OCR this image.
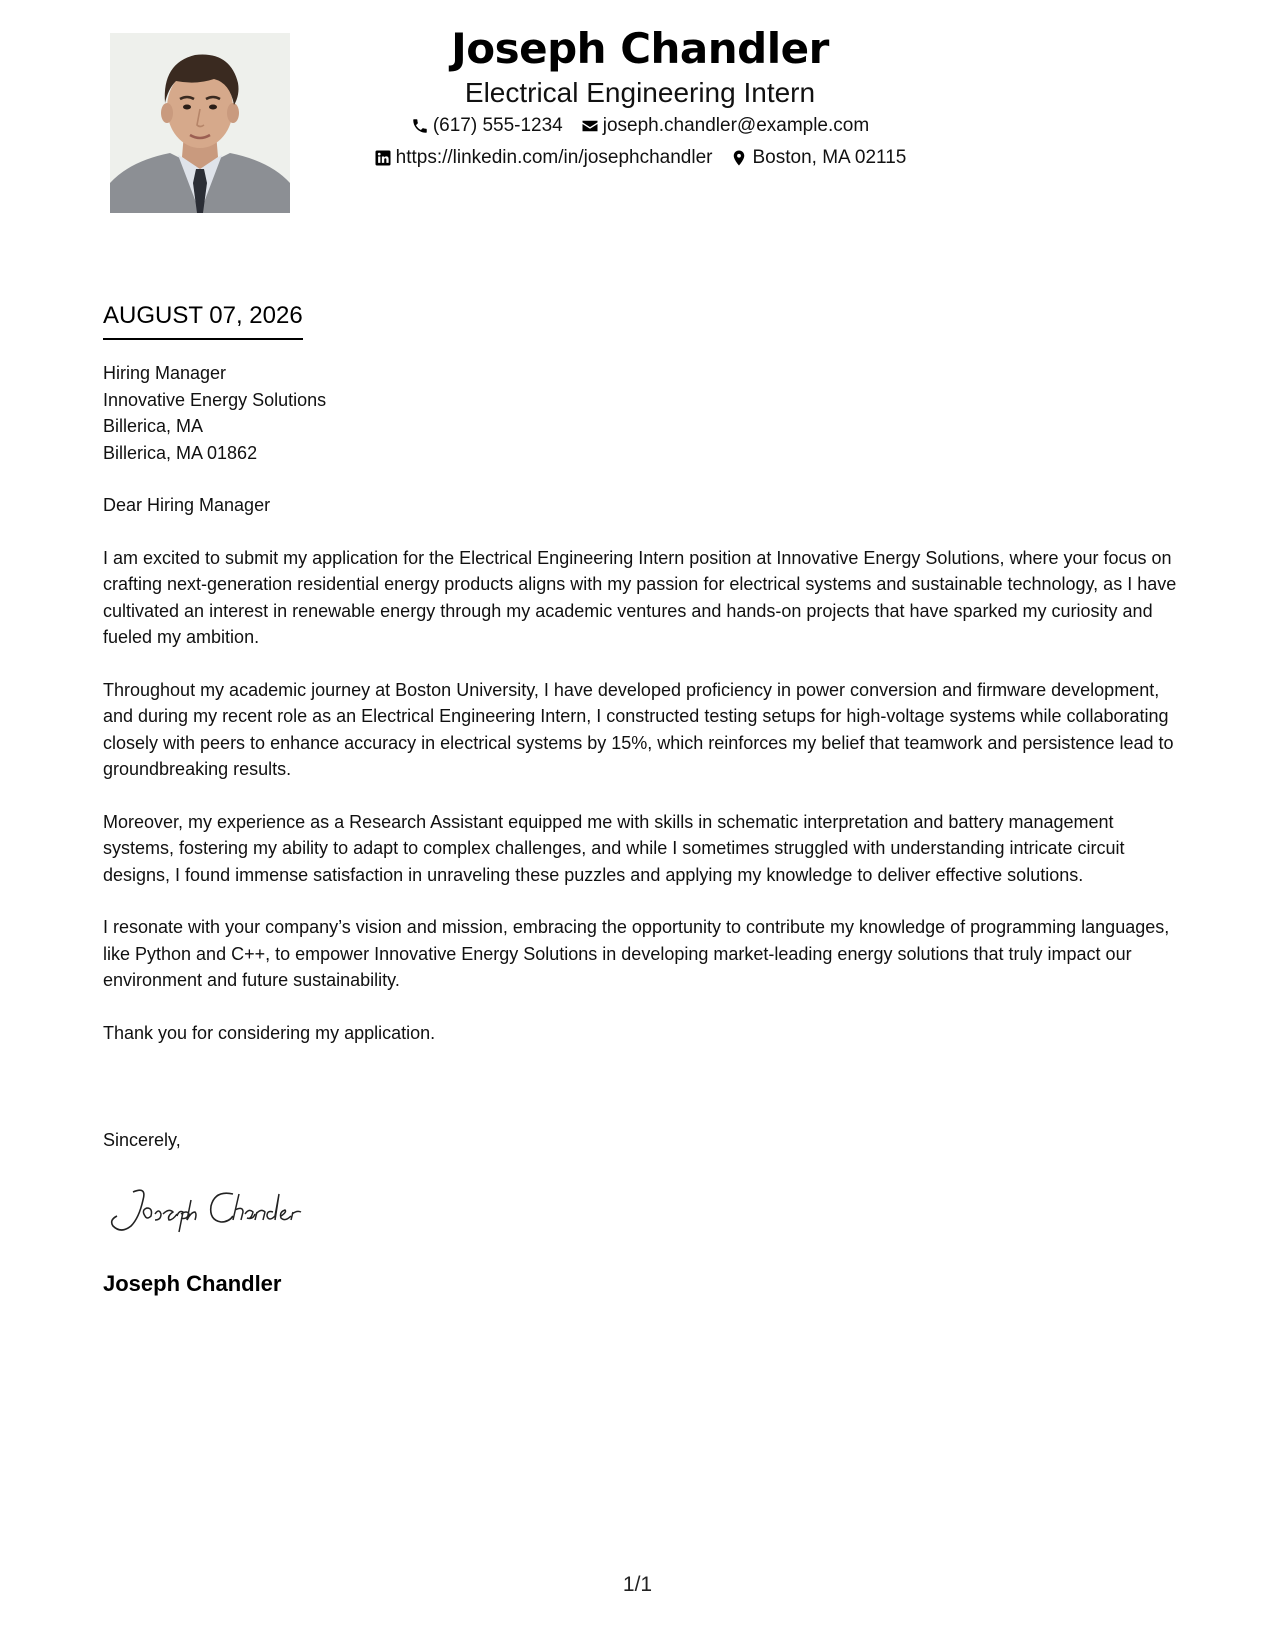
Joseph Chandler
Electrical Engineering Intern
(617) 555-1234 joseph.chandler@example.com
https://linkedin.com/in/josephchandler Boston, MA 02115
AUGUST 07, 2026
Hiring Manager
Innovative Energy Solutions
Billerica, MA
Billerica, MA 01862

Dear Hiring Manager

I am excited to submit my application for the Electrical Engineering Intern position at Innovative Energy Solutions, where your focus on crafting next-generation residential energy products aligns with my passion for electrical systems and sustainable technology, as I have cultivated an interest in renewable energy through my academic ventures and hands-on projects that have sparked my curiosity and fueled my ambition.

Throughout my academic journey at Boston University, I have developed proficiency in power conversion and firmware development, and during my recent role as an Electrical Engineering Intern, I constructed testing setups for high-voltage systems while collaborating closely with peers to enhance accuracy in electrical systems by 15%, which reinforces my belief that teamwork and persistence lead to groundbreaking results.

Moreover, my experience as a Research Assistant equipped me with skills in schematic interpretation and battery management systems, fostering my ability to adapt to complex challenges, and while I sometimes struggled with understanding intricate circuit designs, I found immense satisfaction in unraveling these puzzles and applying my knowledge to deliver effective solutions.

I resonate with your company’s vision and mission, embracing the opportunity to contribute my knowledge of programming languages, like Python and C++, to empower Innovative Energy Solutions in developing market-leading energy solutions that truly impact our environment and future sustainability.

Thank you for considering my application.

Sincerely,
Joseph Chandler
1/1
